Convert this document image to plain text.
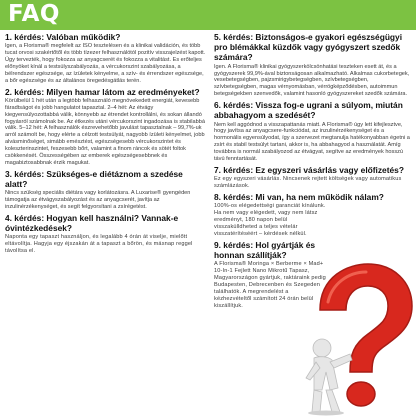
FAQ
1. kérdés: Valóban működik?
Igen, a Florisma® megfelelt az ISO tesztelésen és a klinikai validáción, és több tucat orvosi szakértőtől és több tízezer felhasználótól pozitív visszajelzést kapott. Úgy tervezték, hogy fokozza az anyagcserét és fokozza a vitalitást. Es erőteljes előnyöket kínál a testsúlyszabályozás, a vércukorszint szabályozása, a bélrendszer egészsége, az ízületek kényelme, a szív- és érrendszer egészsége, a bőr egészsége és az általános öregedésgátlás terén.
2. kérdés: Milyen hamar látom az eredményeket?
Körülbelül 1 hét után a legtöbb felhasználó megnövekedett energiát, kevesebb fáradtságot és jobb hangulatot tapasztal. 2–4 hét: Az étvágy kiegyensúlyozottabbá válik, könnyebb az étrendet kontrollálni, és sokan állandó fogyásról számolnak be. Az étkezés utáni vércukorszint ingadozása is stabilabbá válik. 5–12 hét: A felhasználók észrevehetőbb javulást tapasztalnak – 99,7%-uk arról számolt be, hogy elérte a célzott testsúlyát, nagyobb ízületi kényelmet, jobb alvásminőséget, simább emésztést, egészségesebb vércukorszintet és koleszterinszintet, feszesebb bőrt, valamint a finom ráncok és sötét foltok csökkenését. Összességében az emberek egészségesebbnek és magabiztosabbnak érzik magukat.
3. kérdés: Szükséges-e diétáznom a szedése alatt?
Nincs szükség speciális diétára vagy korlátozásra. A Luxarise® gyengéden támogatja az étvágyszabályozást és az anyagcserét, javítja az inzulinérzékenységet, és segít felgyorsítani a zsírégetést.
4. kérdés: Hogyan kell használni? Vannak-e óvintézkedések?
Naponta egy tapaszt használjon, és legalább 4 órán át viselje, mielőtt eltávolítja. Hagyja egy éjszakán át a tapaszt a bőrön, és másnap reggel távolítsa el.
5. kérdés: Biztonságos-e gyakori egészségügyi pro blémákkal küzdők vagy gyógyszert szedők számára?
Igen. A Florisma® klinikai gyógyszerkölcsönhatási teszteken esett át, és a gyógyszerek 99,9%-ával biztonságosan alkalmazható. Alkalmas cukorbetegek, vesebetegségben, pajzsmirigybetegségben, szívbetegségben, szívbetegségben, magas vérnyomásban, vérrögképződésben, autoimmun betegségekben szenvedők, valamint hasonló gyógyszereket szedők számára.
6. kérdés: Vissza fog-e ugrani a súlyom, miután abbahagyom a szedését?
Nem kell aggódnod a visszapattanás miatt. A Florisma® úgy lett kifejlesztve, hogy javítsa az anyagcsere-funkciódat, az inzulinérzékenységet és a hormonális egyensúlyodat, így a szervezet megtanulja hatékonyabban égetni a zsírt és stabil testsúlyt tartani, akkor is, ha abbahagyod a használatát. Amíg továbbra is normál szabályozod az étvágyat, segítve az eredmények hosszú távú fenntartását.
7. kérdés: Ez egyszeri vásárlás vagy előfizetés?
Ez egy egyszeri vásárlás. Nincsenek rejtett költségek vagy automatikus számlázások.
8. kérdés: Mi van, ha nem működik nálam?
100%-os elégedettségi garanciát kínálunk. Ha nem vagy elégedett, vagy nem látsz eredményt, 180 napon belül visszakülldheted a teljes vételár visszatérítéséért – kérdések nélkül.
9. kérdés: Hol gyártják és honnan szállítják?
A Florisma® Moringa × Berberme × Mad+ 10-In-1 Fejlett Nano Mikrotű Tapasz, Magyarországon gyártjuk, raktáraink pedig Budapesten, Debrecenben és Szegeden találhatók. A megrendelést a kézhezvételtől számított 24 órán belül kiszállítjuk.
